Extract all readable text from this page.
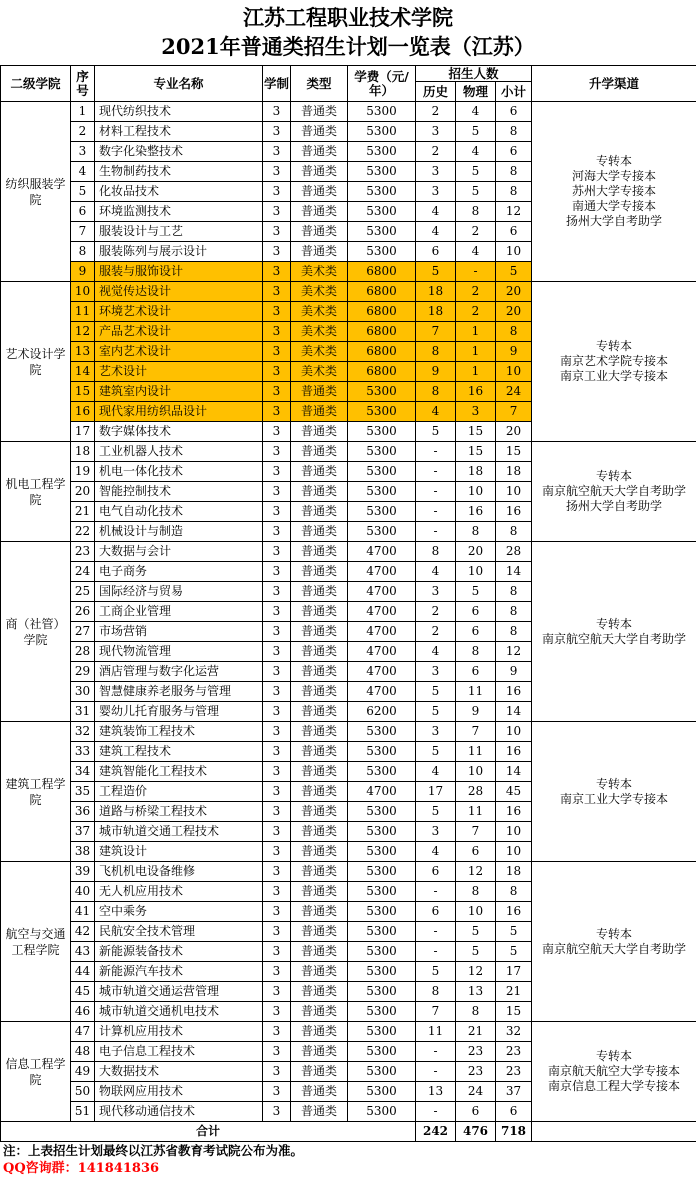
江苏工程职业技术学院
2021年普通类招生计划一览表（江苏）
二级学院	序号	专业名称	学制	类型	学费（元/年）	招生人数			升学渠道
						历史	物理	小计	
纺织服装学院	1	现代纺织技术	3	普通类	5300	2	4	6	专转本
河海大学专接本
苏州大学专接本
南通大学专接本
扬州大学自考助学

	2	材料工程技术	3	普通类	5300	3	5	8	
	3	数字化染整技术	3	普通类	5300	2	4	6	
	4	生物制药技术	3	普通类	5300	3	5	8	
	5	化妆品技术	3	普通类	5300	3	5	8	
	6	环境监测技术	3	普通类	5300	4	8	12	
	7	服装设计与工艺	3	普通类	5300	4	2	6	
	8	服装陈列与展示设计	3	普通类	5300	6	4	10	
	9	服装与服饰设计	3	美术类	6800	5	-	5	
艺术设计学院	10	视觉传达设计	3	美术类	6800	18	2	20	专转本
南京艺术学院专接本
南京工业大学专接本

	11	环境艺术设计	3	美术类	6800	18	2	20	
	12	产品艺术设计	3	美术类	6800	7	1	8	
	13	室内艺术设计	3	美术类	6800	8	1	9	
	14	艺术设计	3	美术类	6800	9	1	10	
	15	建筑室内设计	3	普通类	5300	8	16	24	
	16	现代家用纺织品设计	3	普通类	5300	4	3	7	
	17	数字媒体技术	3	普通类	5300	5	15	20	
机电工程学院	18	工业机器人技术	3	普通类	5300	-	15	15	专转本
南京航空航天大学自考助学
扬州大学自考助学

	19	机电一体化技术	3	普通类	5300	-	18	18	
	20	智能控制技术	3	普通类	5300	-	10	10	
	21	电气自动化技术	3	普通类	5300	-	16	16	
	22	机械设计与制造	3	普通类	5300	-	8	8	
商（社管）学院	23	大数据与会计	3	普通类	4700	8	20	28	专转本
南京航空航天大学自考助学

	24	电子商务	3	普通类	4700	4	10	14	
	25	国际经济与贸易	3	普通类	4700	3	5	8	
	26	工商企业管理	3	普通类	4700	2	6	8	
	27	市场营销	3	普通类	4700	2	6	8	
	28	现代物流管理	3	普通类	4700	4	8	12	
	29	酒店管理与数字化运营	3	普通类	4700	3	6	9	
	30	智慧健康养老服务与管理	3	普通类	4700	5	11	16	
	31	婴幼儿托育服务与管理	3	普通类	6200	5	9	14	
建筑工程学院	32	建筑装饰工程技术	3	普通类	5300	3	7	10	专转本
南京工业大学专接本

	33	建筑工程技术	3	普通类	5300	5	11	16	
	34	建筑智能化工程技术	3	普通类	5300	4	10	14	
	35	工程造价	3	普通类	4700	17	28	45	
	36	道路与桥梁工程技术	3	普通类	5300	5	11	16	
	37	城市轨道交通工程技术	3	普通类	5300	3	7	10	
	38	建筑设计	3	普通类	5300	4	6	10	
航空与交通工程学院	39	飞机机电设备维修	3	普通类	5300	6	12	18	专转本
南京航空航天大学自考助学

	40	无人机应用技术	3	普通类	5300	-	8	8	
	41	空中乘务	3	普通类	5300	6	10	16	
	42	民航安全技术管理	3	普通类	5300	-	5	5	
	43	新能源装备技术	3	普通类	5300	-	5	5	
	44	新能源汽车技术	3	普通类	5300	5	12	17	
	45	城市轨道交通运营管理	3	普通类	5300	8	13	21	
	46	城市轨道交通机电技术	3	普通类	5300	7	8	15	
信息工程学院	47	计算机应用技术	3	普通类	5300	11	21	32	专转本
南京航天航空大学专接本
南京信息工程大学专接本

	48	电子信息工程技术	3	普通类	5300	-	23	23	
	49	大数据技术	3	普通类	5300	-	23	23	
	50	物联网应用技术	3	普通类	5300	13	24	37	
	51	现代移动通信技术	3	普通类	5300	-	6	6	
合计						242	476	718	
注：上表招生计划最终以江苏省教育考试院公布为准。
QQ咨询群：141841836
